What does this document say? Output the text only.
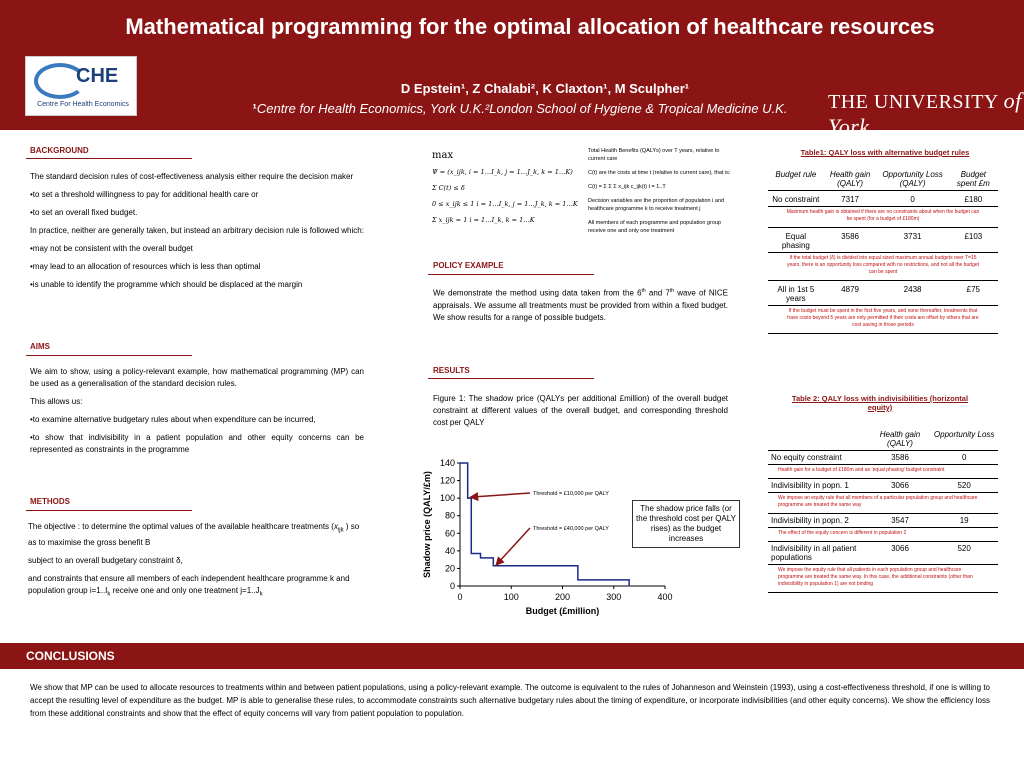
Mathematical programming for the optimal allocation of healthcare resources
D Epstein¹, Z Chalabi², K Claxton¹, M Sculpher¹
¹Centre for Health Economics, York U.K.²London School of Hygiene & Tropical Medicine U.K.
CHE
Centre For Health Economics	THE UNIVERSITY of York
BACKGROUND

The standard decision rules of cost-effectiveness analysis either require the decision maker

•to set a threshold willingness to pay for additional health care or

•to set an overall fixed budget.

In practice, neither are generally taken, but instead an arbitrary decision rule is followed which:

•may not be consistent with the overall budget

•may lead to an allocation of resources which is less than optimal

•is unable to identify the programme which should be displaced at the margin

AIMS

We aim to show, using a policy-relevant example, how mathematical programming (MP) can be used as a generalisation of the standard decision rules.

This allows us:

•to examine alternative budgetary rules about when expenditure can be incurred,

•to show that indivisibility in a patient population and other equity concerns can be represented as constraints in the programme

METHODS

The objective : to determine the optimal values of the available healthcare treatments ($x_{ijk}$ ) so as to maximise the gross benefit B

subject to an overall budgetary constraint δ,

and constraints that ensure all members of each independent healthcare programme k and population group $i=1..I_k$ receive one and only one treatment $j=1..J_k$

max
Ψ = (x_ijk, i = 1…I_k, j = 1…J_k, k = 1…K)
Σ C(t) ≤ δ
0 ≤ x_ijk ≤ 1 i = 1…I_k, j = 1…J_k, k = 1…K
Σ x_ijk = 1 i = 1…I_k, k = 1…K

Total Health Benefits (QALYs) over T years, relative to current care

C(t) are the costs at time t (relative to current care), that is:

C(t) = Σ Σ Σ x_ijk c_ijk(t) t = 1..T

Decision variables are the proportion of population i and healthcare programme k to receive treatment j

All members of each programme and population group receive one and only one treatment

POLICY EXAMPLE
We demonstrate the method using data taken from the 6th and 7th wave of NICE appraisals. We assume all treatments must be provided from within a fixed budget. We show results for a range of possible budgets.
RESULTS
Figure 1: The shadow price (QALYs per additional £million) of the overall budget constraint at different values of the overall budget, and corresponding threshold cost per QALY
0
20
40
60
80
100
120
140
0	100	200	300	400
Budget (£million)
Shadow price (QALY/£m)	Threshold = £10,000 per QALY
Threshold = £40,000 per QALY
The shadow price falls (or the threshold cost per QALY rises) as the budget increases
Table1: QALY loss with alternative budget rules
Budget rule	Health gain (QALY)	Opportunity Loss (QALY)	Budget spent £m
No constraint	7317	0	£180
Maximum health gain is obtained if there are no constraints about when the budget can be spent (for a budget of £180m)			
Equal phasing	3586	3731	£103
If the total budget (δ) is divided into equal sized maximum annual budgets over T=15 years, there is an opportunity loss compared with no restrictions, and not all the budget can be spent			
All in 1st 5 years	4879	2438	£75
If the budget must be spent in the first five years, and none thereafter, treatments that have costs beyond 5 years are only permitted if their costs are offset by others that are cost saving in those periods			
Table 2: QALY loss with indivisibilities (horizontal equity)
	Health gain (QALY)	Opportunity Loss
No equity constraint	3586	0
Health gain for a budget of £180m and an 'equal phasing' budget constraint		
Indivisibility in popn. 1	3066	520
We impose an equity rule that all members of a particular population group and healthcare programme are treated the same way		
Indivisibility in popn. 2	3547	19
The effect of the equity concern is different in population 2		
Indivisibility in all patient populations	3066	520
We impose the equity rule that all patients in each population group and healthcare programme are treated the same way. In this case, the additional constraints (other than indivisibility in population 1) are not binding		
CONCLUSIONS
We show that MP can be used to allocate resources to treatments within and between patient populations, using a policy-relevant example. The outcome is equivalent to the rules of Johanneson and Weinstein (1993), using a cost-effectiveness threshold, if one is willing to accept the resulting level of expenditure as the budget. MP is able to generalise these rules, to accommodate constraints such alternative budgetary rules about the timing of expenditure, or incorporate indivisibilities (and other equity concerns). We show the efficiency loss from these additional constraints and show that the effect of equity concerns will vary from patient population to population.
